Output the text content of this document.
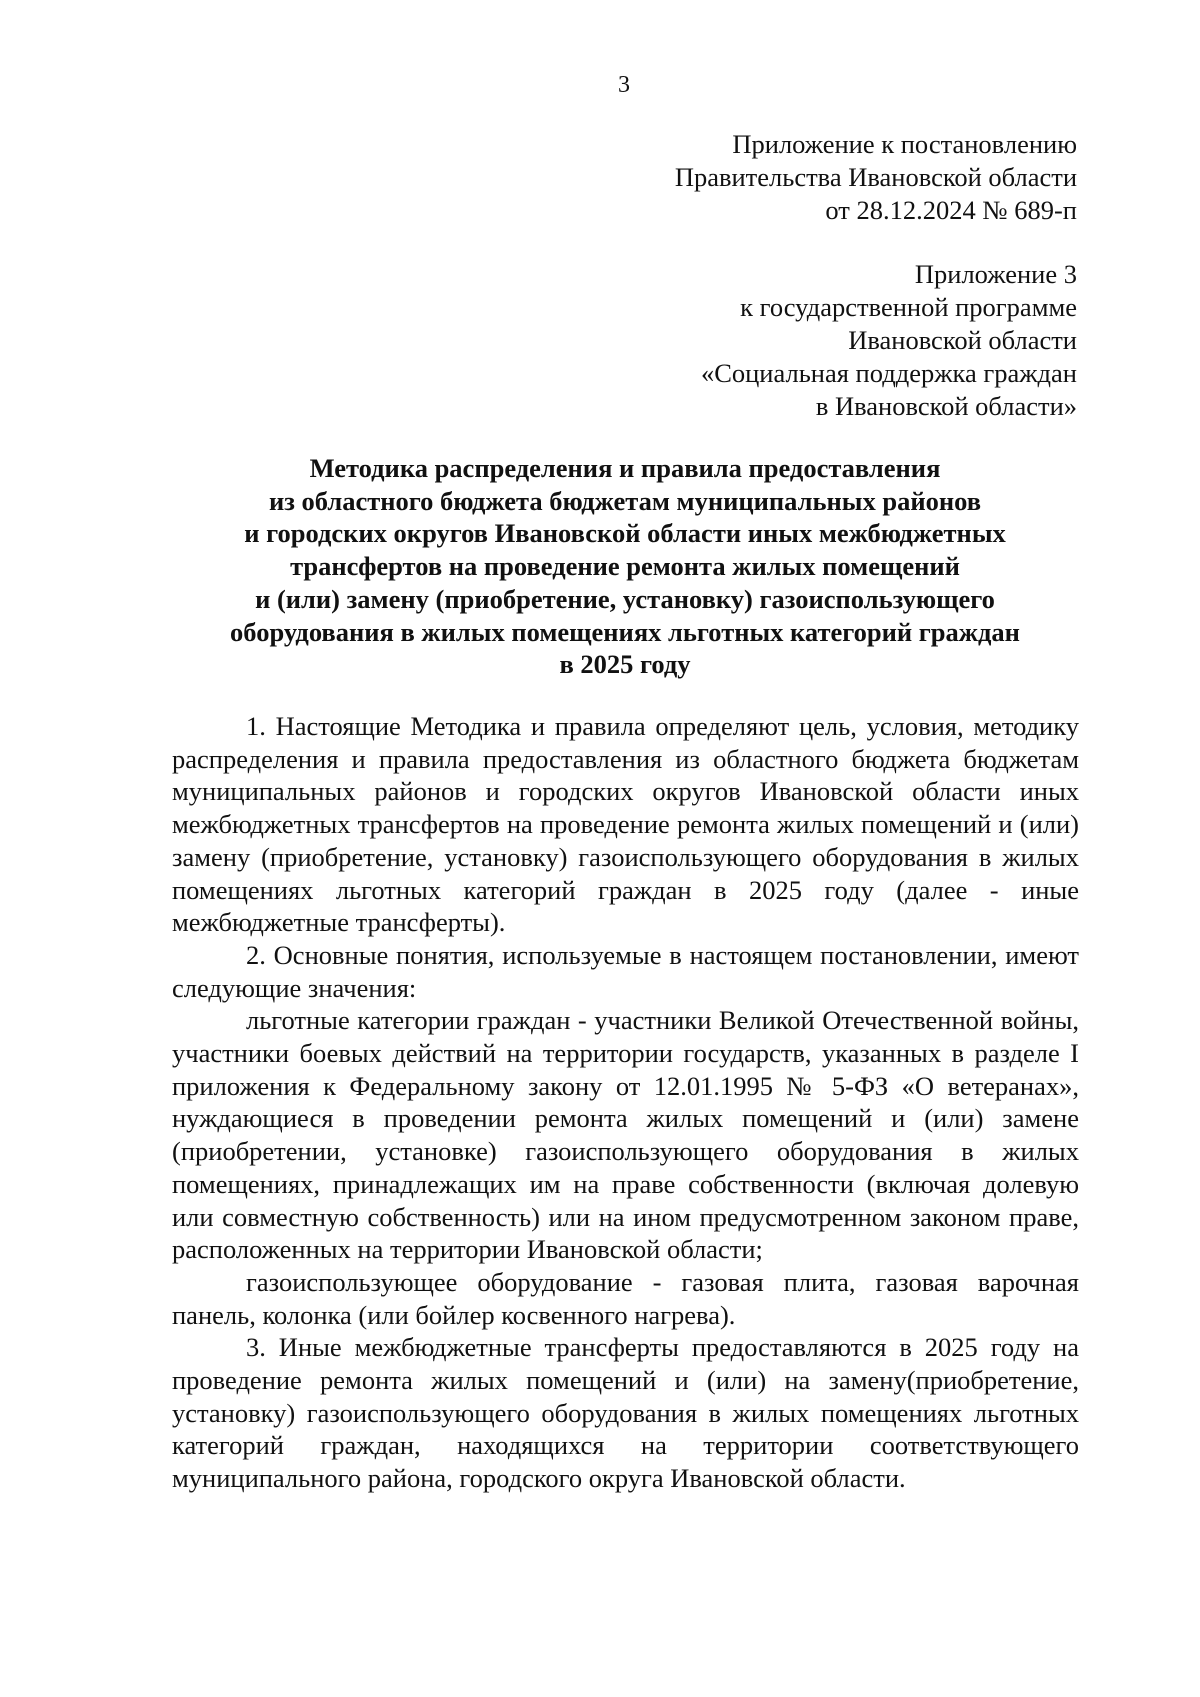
3
Приложение к постановлению
Правительства Ивановской области
от 28.12.2024 № 689-п
Приложение 3
к государственной программе
Ивановской области
«Социальная поддержка граждан
в Ивановской области»
Методика распределения и правила предоставления
из областного бюджета бюджетам муниципальных районов
и городских округов Ивановской области иных межбюджетных
трансфертов на проведение ремонта жилых помещений
и (или) замену (приобретение, установку) газоиспользующего
оборудования в жилых помещениях льготных категорий граждан
в 2025 году

1. Настоящие Методика и правила определяют цель, условия, методику распределения и правила предоставления из областного бюджета бюджетам муниципальных районов и городских округов Ивановской области иных межбюджетных трансфертов на проведение ремонта жилых помещений и (или) замену (приобретение, установку) газоиспользующего оборудования в жилых помещениях льготных категорий граждан в 2025 году (далее - иные межбюджетные трансферты).

2. Основные понятия, используемые в настоящем постановлении, имеют следующие значения:

льготные категории граждан - участники Великой Отечественной войны, участники боевых действий на территории государств, указанных в разделе I приложения к Федеральному закону от 12.01.1995 № 5-ФЗ «О ветеранах», нуждающиеся в проведении ремонта жилых помещений и (или) замене (приобретении, установке) газоиспользующего оборудования в жилых помещениях, принадлежащих им на праве собственности (включая долевую или совместную собственность) или на ином предусмотренном законом праве, расположенных на территории Ивановской области;

газоиспользующее оборудование - газовая плита, газовая варочная панель, колонка (или бойлер косвенного нагрева).

3. Иные межбюджетные трансферты предоставляются в 2025 году на проведение ремонта жилых помещений и (или) на замену(приобретение, установку) газоиспользующего оборудования в жилых помещениях льготных категорий граждан, находящихся на территории соответствующего муниципального района, городского округа Ивановской области.
